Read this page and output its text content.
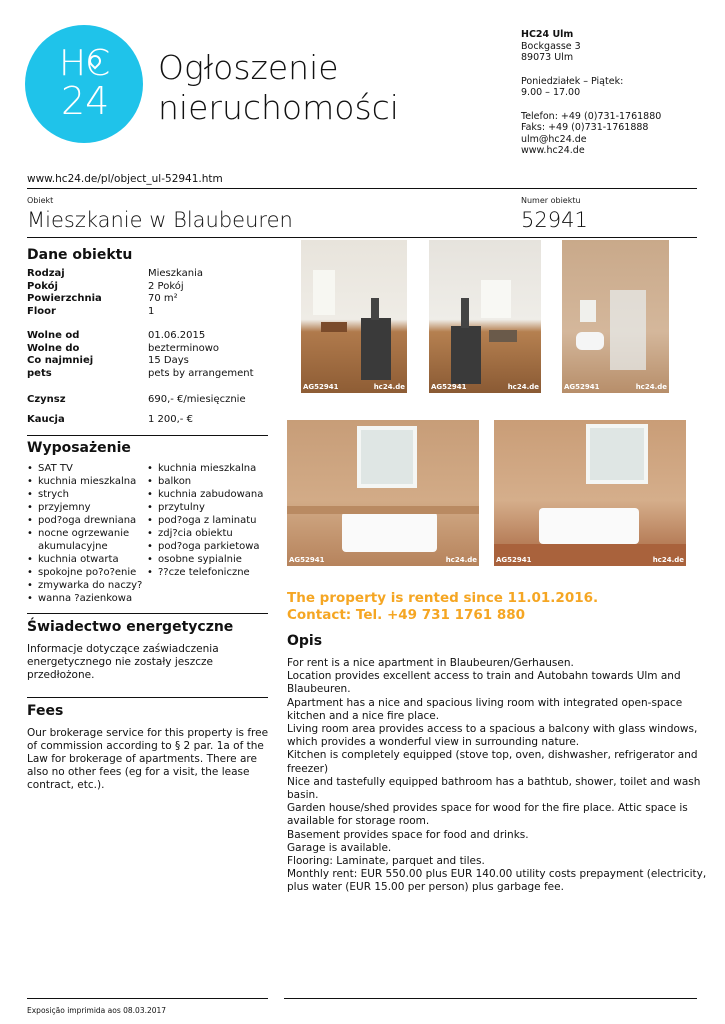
HC
24
Ogłoszenie
nieruchomości
HC24 Ulm
Bockgasse 3
89073 Ulm
Poniedziałek – Piątek:
9.00 – 17.00
Telefon: +49 (0)731-1761880
Faks: +49 (0)731-1761888
ulm@hc24.de
www.hc24.de
www.hc24.de/pl/object_ul-52941.htm
Obiekt
Mieszkanie w Blaubeuren
Numer obiektu
52941
Dane obiektu
Rodzaj	Mieszkania
Pokój	2 Pokój
Powierzchnia	70 m²
Floor	1
Wolne od	01.06.2015
Wolne do	bezterminowo
Co najmniej	15 Days
pets	pets by arrangement
Czynsz	690,- €/miesięcznie
Kaucja	1 200,- €
Wyposażenie
• SAT TV
• kuchnia mieszkalna
• strych
• przyjemny
• pod?oga drewniana
• nocne ogrzewanie akumulacyjne
• kuchnia otwarta
• spokojne po?o?enie
• zmywarka do naczy?
• wanna ?azienkowa
• kuchnia mieszkalna
• balkon
• kuchnia zabudowana
• przytulny
• pod?oga z laminatu
• zdj?cia obiektu
• pod?oga parkietowa
• osobne sypialnie
• ??cze telefoniczne
Świadectwo energetyczne
Informacje dotyczące zaświadczenia energetycznego nie zostały jeszcze przedłożone.
Fees
Our brokerage service for this property is free of commission according to § 2 par. 1a of the Law for brokerage of apartments. There are also no other fees (eg for a visit, the lease contract, etc.).
AG52941	hc24.de	AG52941	hc24.de	AG52941	hc24.de
AG52941	hc24.de	AG52941	hc24.de
The property is rented since 11.01.2016.
Contact: Tel. +49 731 1761 880
Opis
For rent is a nice apartment in Blaubeuren/Gerhausen.
Location provides excellent access to train and Autobahn towards Ulm and Blaubeuren.
Apartment has a nice and spacious living room with integrated open-space kitchen and a nice fire place.
Living room area provides access to a spacious a balcony with glass windows, which provides a wonderful view in surrounding nature.
Kitchen is completely equipped (stove top, oven, dishwasher, refrigerator and freezer)
Nice and tastefully equipped bathroom has a bathtub, shower, toilet and wash basin.
Garden house/shed provides space for wood for the fire place. Attic space is available for storage room.
Basement provides space for food and drinks.
Garage is available.
Flooring: Laminate, parquet and tiles.
Monthly rent: EUR 550.00 plus EUR 140.00 utility costs prepayment (electricity, plus water (EUR 15.00 per person) plus garbage fee.
Exposição imprimida aos 08.03.2017
